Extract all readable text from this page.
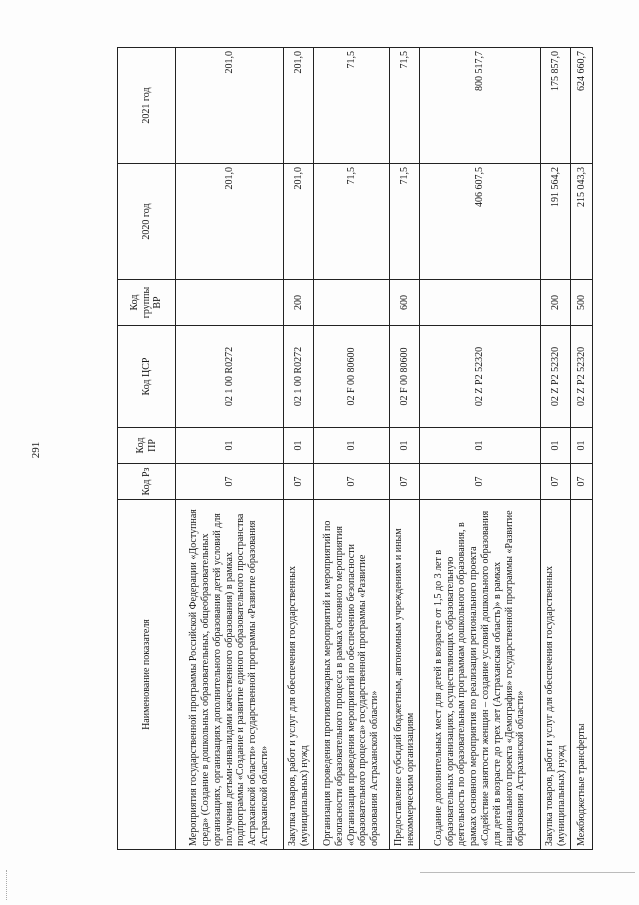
291
Наименование показателя	Код Рз	Код ПР	Код ЦСР	Код группы ВР	2020 год	2021 год
Мероприятия государственной программы Российской Федерации «Доступная среда» (Создание в дошкольных образовательных, общеобразовательных организациях, организациях дополнительного образования детей условий для получения детьми-инвалидами качественного образования) в рамках подпрограммы «Создание и развитие единого образовательного пространства Астраханской области» государственной программы «Развитие образования Астраханской области»	07	01	02 1 00 R0272		201,0	201,0
Закупка товаров, работ и услуг для обеспечения государственных (муниципальных) нужд	07	01	02 1 00 R0272	200	201,0	201,0
Организация проведения противопожарных мероприятий и мероприятий по безопасности образовательного процесса в рамках основного мероприятия «Организация проведения мероприятий по обеспечению безопасности образовательного процесса» государственной программы «Развитие образования Астраханской области»	07	01	02 F 00 80600		71,5	71,5
Предоставление субсидий бюджетным, автономным учреждениям и иным некоммерческим организациям	07	01	02 F 00 80600	600	71,5	71,5
Создание дополнительных мест для детей в возрасте от 1,5 до 3 лет в образовательных организациях, осуществляющих образовательную деятельность по образовательным программам дошкольного образования, в рамках основного мероприятия по реализации регионального проекта «Содействие занятости женщин – создание условий дошкольного образования для детей в возрасте до трех лет (Астраханская область)» в рамках национального проекта «Демография» государственной программы «Развитие образования Астраханской области»	07	01	02 Z P2 52320		406 607,5	800 517,7
Закупка товаров, работ и услуг для обеспечения государственных (муниципальных) нужд	07	01	02 Z P2 52320	200	191 564,2	175 857,0
Межбюджетные трансферты	07	01	02 Z P2 52320	500	215 043,3	624 660,7
